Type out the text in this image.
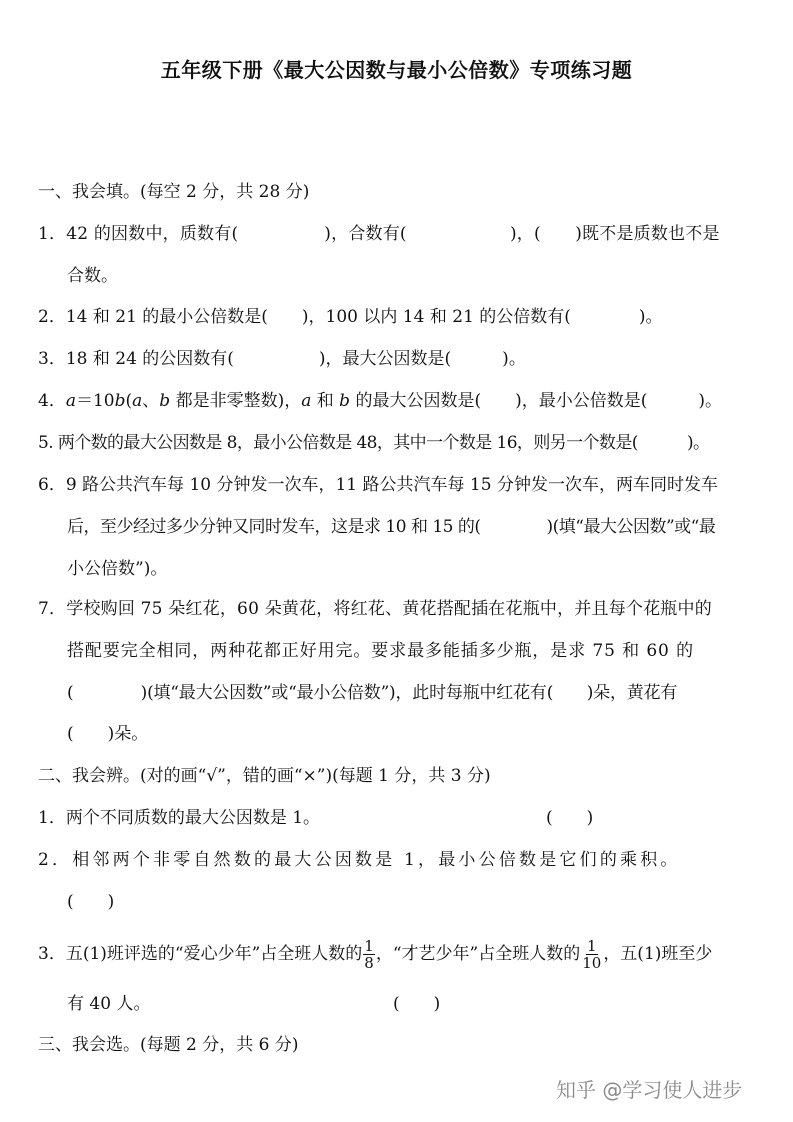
五年级下册《最大公因数与最小公倍数》专项练习题
一、我会填。(每空 2 分，共 28 分)
1．42 的因数中，质数有(　　　　　)，合数有(　　　　　　)，(　　)既不是质数也不是
合数。
2．14 和 21 的最小公倍数是(　　)，100 以内 14 和 21 的公倍数有(　　　　)。
3．18 和 24 的公因数有(　　　　　)，最大公因数是(　　　)。
4．a＝10b(a、b 都是非零整数)，a 和 b 的最大公因数是(　　)，最小公倍数是(　　　)。
5. 两个数的最大公因数是 8，最小公倍数是 48，其中一个数是 16，则另一个数是(　　　)。
6．9 路公共汽车每 10 分钟发一次车，11 路公共汽车每 15 分钟发一次车，两车同时发车
后，至少经过多少分钟又同时发车，这是求 10 和 15 的(　　　　)(填“最大公因数”或“最
小公倍数”)。
7．学校购回 75 朵红花，60 朵黄花，将红花、黄花搭配插在花瓶中，并且每个花瓶中的
搭配要完全相同，两种花都正好用完。要求最多能插多少瓶，是求 75 和 60 的
(　　　　)(填“最大公因数”或“最小公倍数”)，此时每瓶中红花有(　　)朵，黄花有
(　　)朵。
二、我会辨。(对的画“√”，错的画“×”)(每题 1 分，共 3 分)
1．两个不同质数的最大公因数是 1。	(　　)
2．相邻两个非零自然数的最大公因数是 1，最小公倍数是它们的乘积。
(　　)
3．五(1)班评选的“爱心少年”占全班人数的 $\frac{1}{8}$ ，“才艺少年”占全班人数的 $\frac{1}{10}$ ，五(1)班至少
有 40 人。	(　　)
三、我会选。(每题 2 分，共 6 分)
知乎 @学习使人进步
